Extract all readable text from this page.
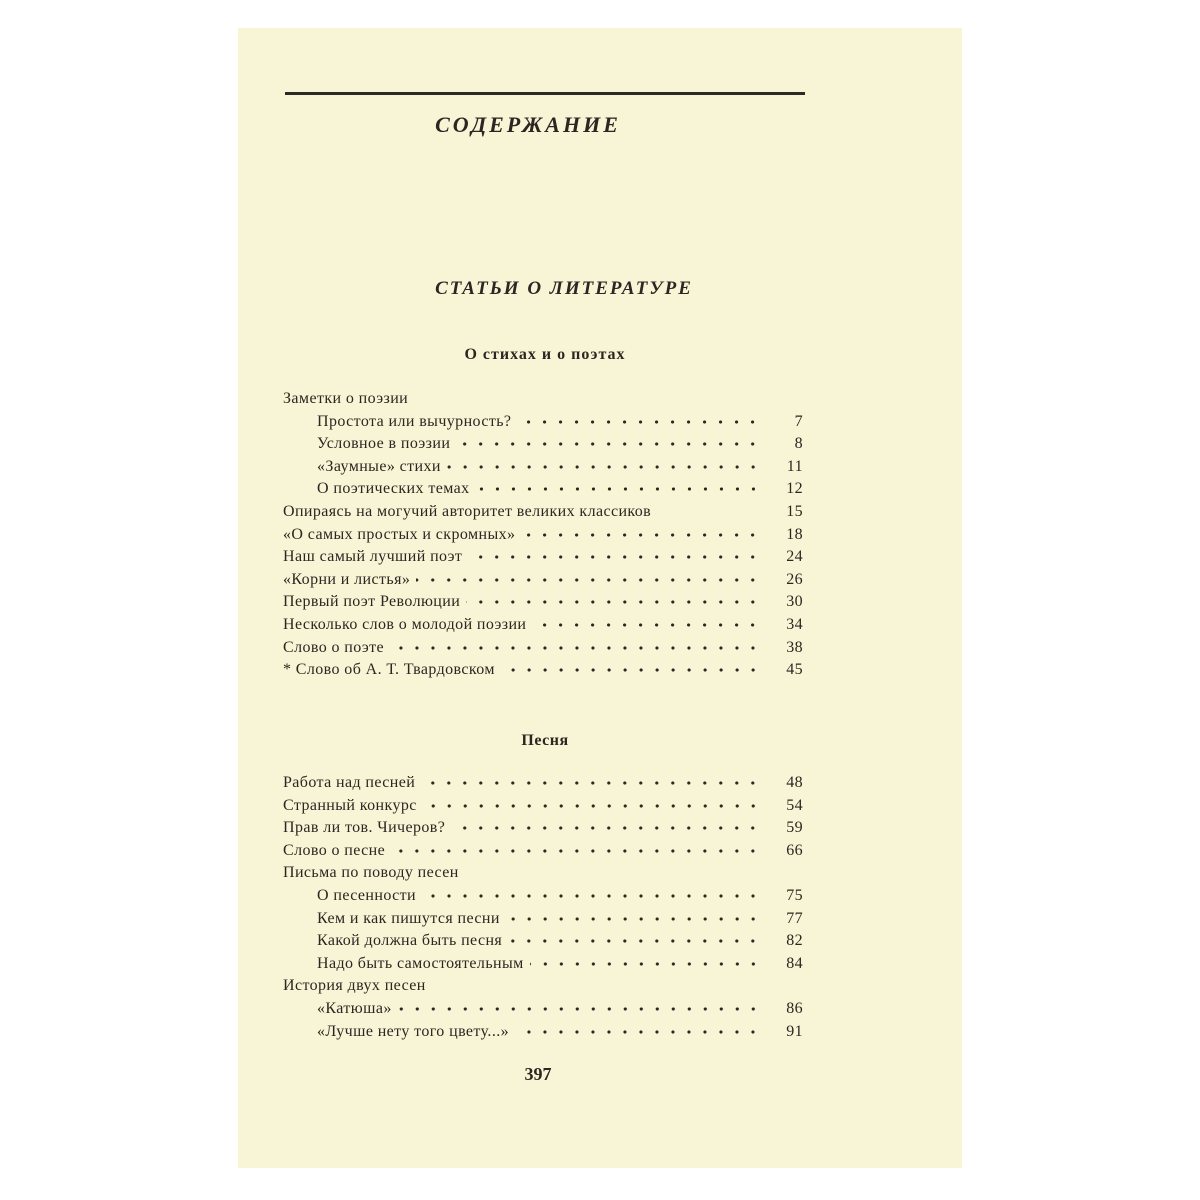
СОДЕРЖАНИЕ
СТАТЬИ О ЛИТЕРАТУРЕ
О стихах и о поэтах
Заметки о поэзии
Простота или вычурность?	7
Условное в поэзии	8
«Заумные» стихи	11
О поэтических темах	12
Опираясь на могучий авторитет великих классиков	15
«О самых простых и скромных»	18
Наш самый лучший поэт	24
«Корни и листья»	26
Первый поэт Революции	30
Несколько слов о молодой поэзии	34
Слово о поэте	38
* Слово об А. Т. Твардовском	45
Песня
Работа над песней	48
Странный конкурс	54
Прав ли тов. Чичеров?	59
Слово о песне	66
Письма по поводу песен
О песенности	75
Кем и как пишутся песни	77
Какой должна быть песня	82
Надо быть самостоятельным	84
История двух песен
«Катюша»	86
«Лучше нету того цвету...»	91

397
